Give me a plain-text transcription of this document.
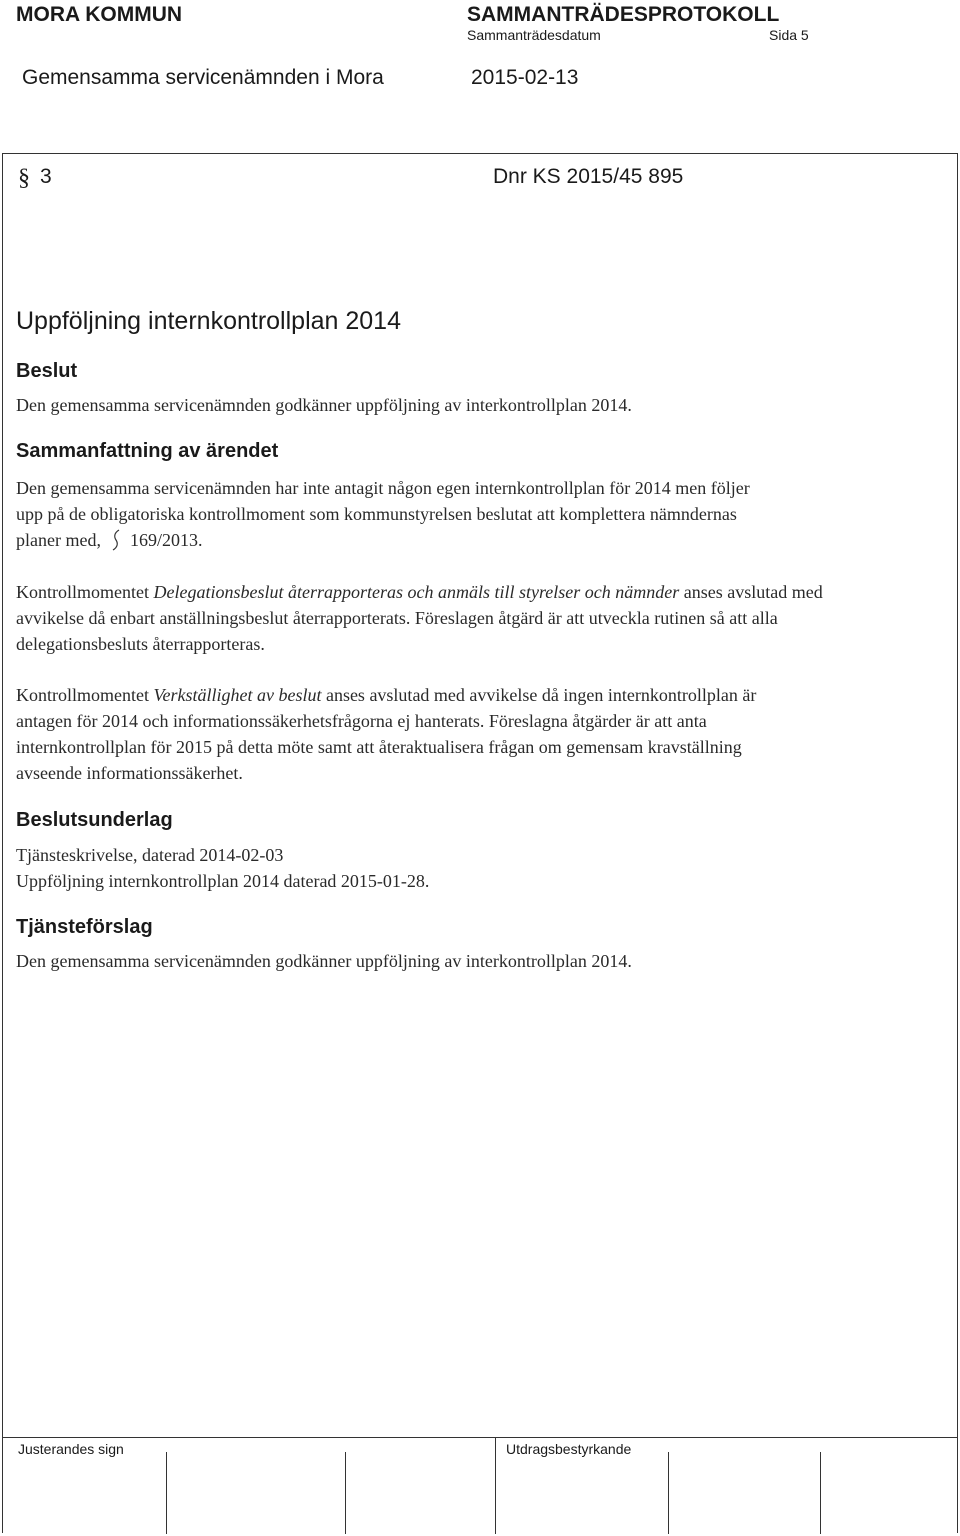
MORA KOMMUN	SAMMANTRÄDESPROTOKOLL
Sammanträdesdatum	Sida 5
Gemensamma servicenämnden i Mora	2015-02-13
§ 3	Dnr KS 2015/45 895
Uppföljning internkontrollplan 2014
Beslut
Den gemensamma servicenämnden godkänner uppföljning av interkontrollplan 2014.
Sammanfattning av ärendet
Den gemensamma servicenämnden har inte antagit någon egen internkontrollplan för 2014 men följer
upp på de obligatoriska kontrollmoment som kommunstyrelsen beslutat att komplettera nämndernas
planer med, 169/2013.
Kontrollmomentet Delegationsbeslut återrapporteras och anmäls till styrelser och nämnder anses avslutad med
avvikelse då enbart anställningsbeslut återrapporterats. Föreslagen åtgärd är att utveckla rutinen så att alla
delegationsbesluts återrapporteras.
Kontrollmomentet Verkställighet av beslut anses avslutad med avvikelse då ingen internkontrollplan är
antagen för 2014 och informationssäkerhetsfrågorna ej hanterats. Föreslagna åtgärder är att anta
internkontrollplan för 2015 på detta möte samt att återaktualisera frågan om gemensam kravställning
avseende informationssäkerhet.
Beslutsunderlag
Tjänsteskrivelse, daterad 2014-02-03
Uppföljning internkontrollplan 2014 daterad 2015-01-28.
Tjänsteförslag
Den gemensamma servicenämnden godkänner uppföljning av interkontrollplan 2014.
Justerandes sign	Utdragsbestyrkande
